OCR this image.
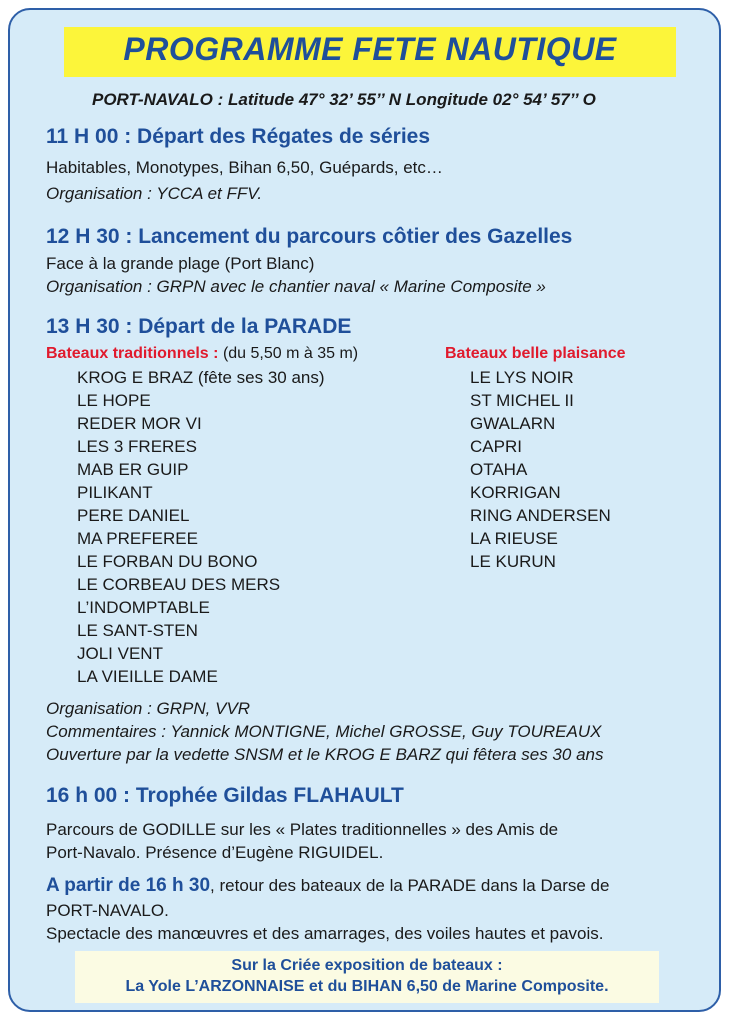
PROGRAMME FETE NAUTIQUE
PORT-NAVALO : Latitude 47° 32’ 55’’ N Longitude 02° 54’ 57’’ O
11 H 00 : Départ des Régates de séries
Habitables, Monotypes, Bihan 6,50, Guépards, etc…
Organisation : YCCA et FFV.
12 H 30 : Lancement du parcours côtier des Gazelles
Face à la grande plage (Port Blanc)
Organisation : GRPN avec le chantier naval « Marine Composite »
13 H 30 : Départ de la PARADE
Bateaux traditionnels : (du 5,50 m à 35 m)	Bateaux belle plaisance
KROG E BRAZ (fête ses 30 ans)
LE HOPE
REDER MOR VI
LES 3 FRERES
MAB ER GUIP
PILIKANT
PERE DANIEL
MA PREFEREE
LE FORBAN DU BONO
LE CORBEAU DES MERS
L’INDOMPTABLE
LE SANT-STEN
JOLI VENT
LA VIEILLE DAME
LE LYS NOIR
ST MICHEL II
GWALARN
CAPRI
OTAHA
KORRIGAN
RING ANDERSEN
LA RIEUSE
LE KURUN
Organisation : GRPN, VVR
Commentaires : Yannick MONTIGNE, Michel GROSSE, Guy TOUREAUX
Ouverture par la vedette SNSM et le KROG E BARZ qui fêtera ses 30 ans
16 h 00 : Trophée Gildas FLAHAULT
Parcours de GODILLE sur les « Plates traditionnelles » des Amis de
Port-Navalo. Présence d’Eugène RIGUIDEL.
A partir de 16 h 30, retour des bateaux de la PARADE dans la Darse de
PORT-NAVALO.
Spectacle des manœuvres et des amarrages, des voiles hautes et pavois.
Sur la Criée exposition de bateaux :
La Yole L’ARZONNAISE et du BIHAN 6,50 de Marine Composite.
